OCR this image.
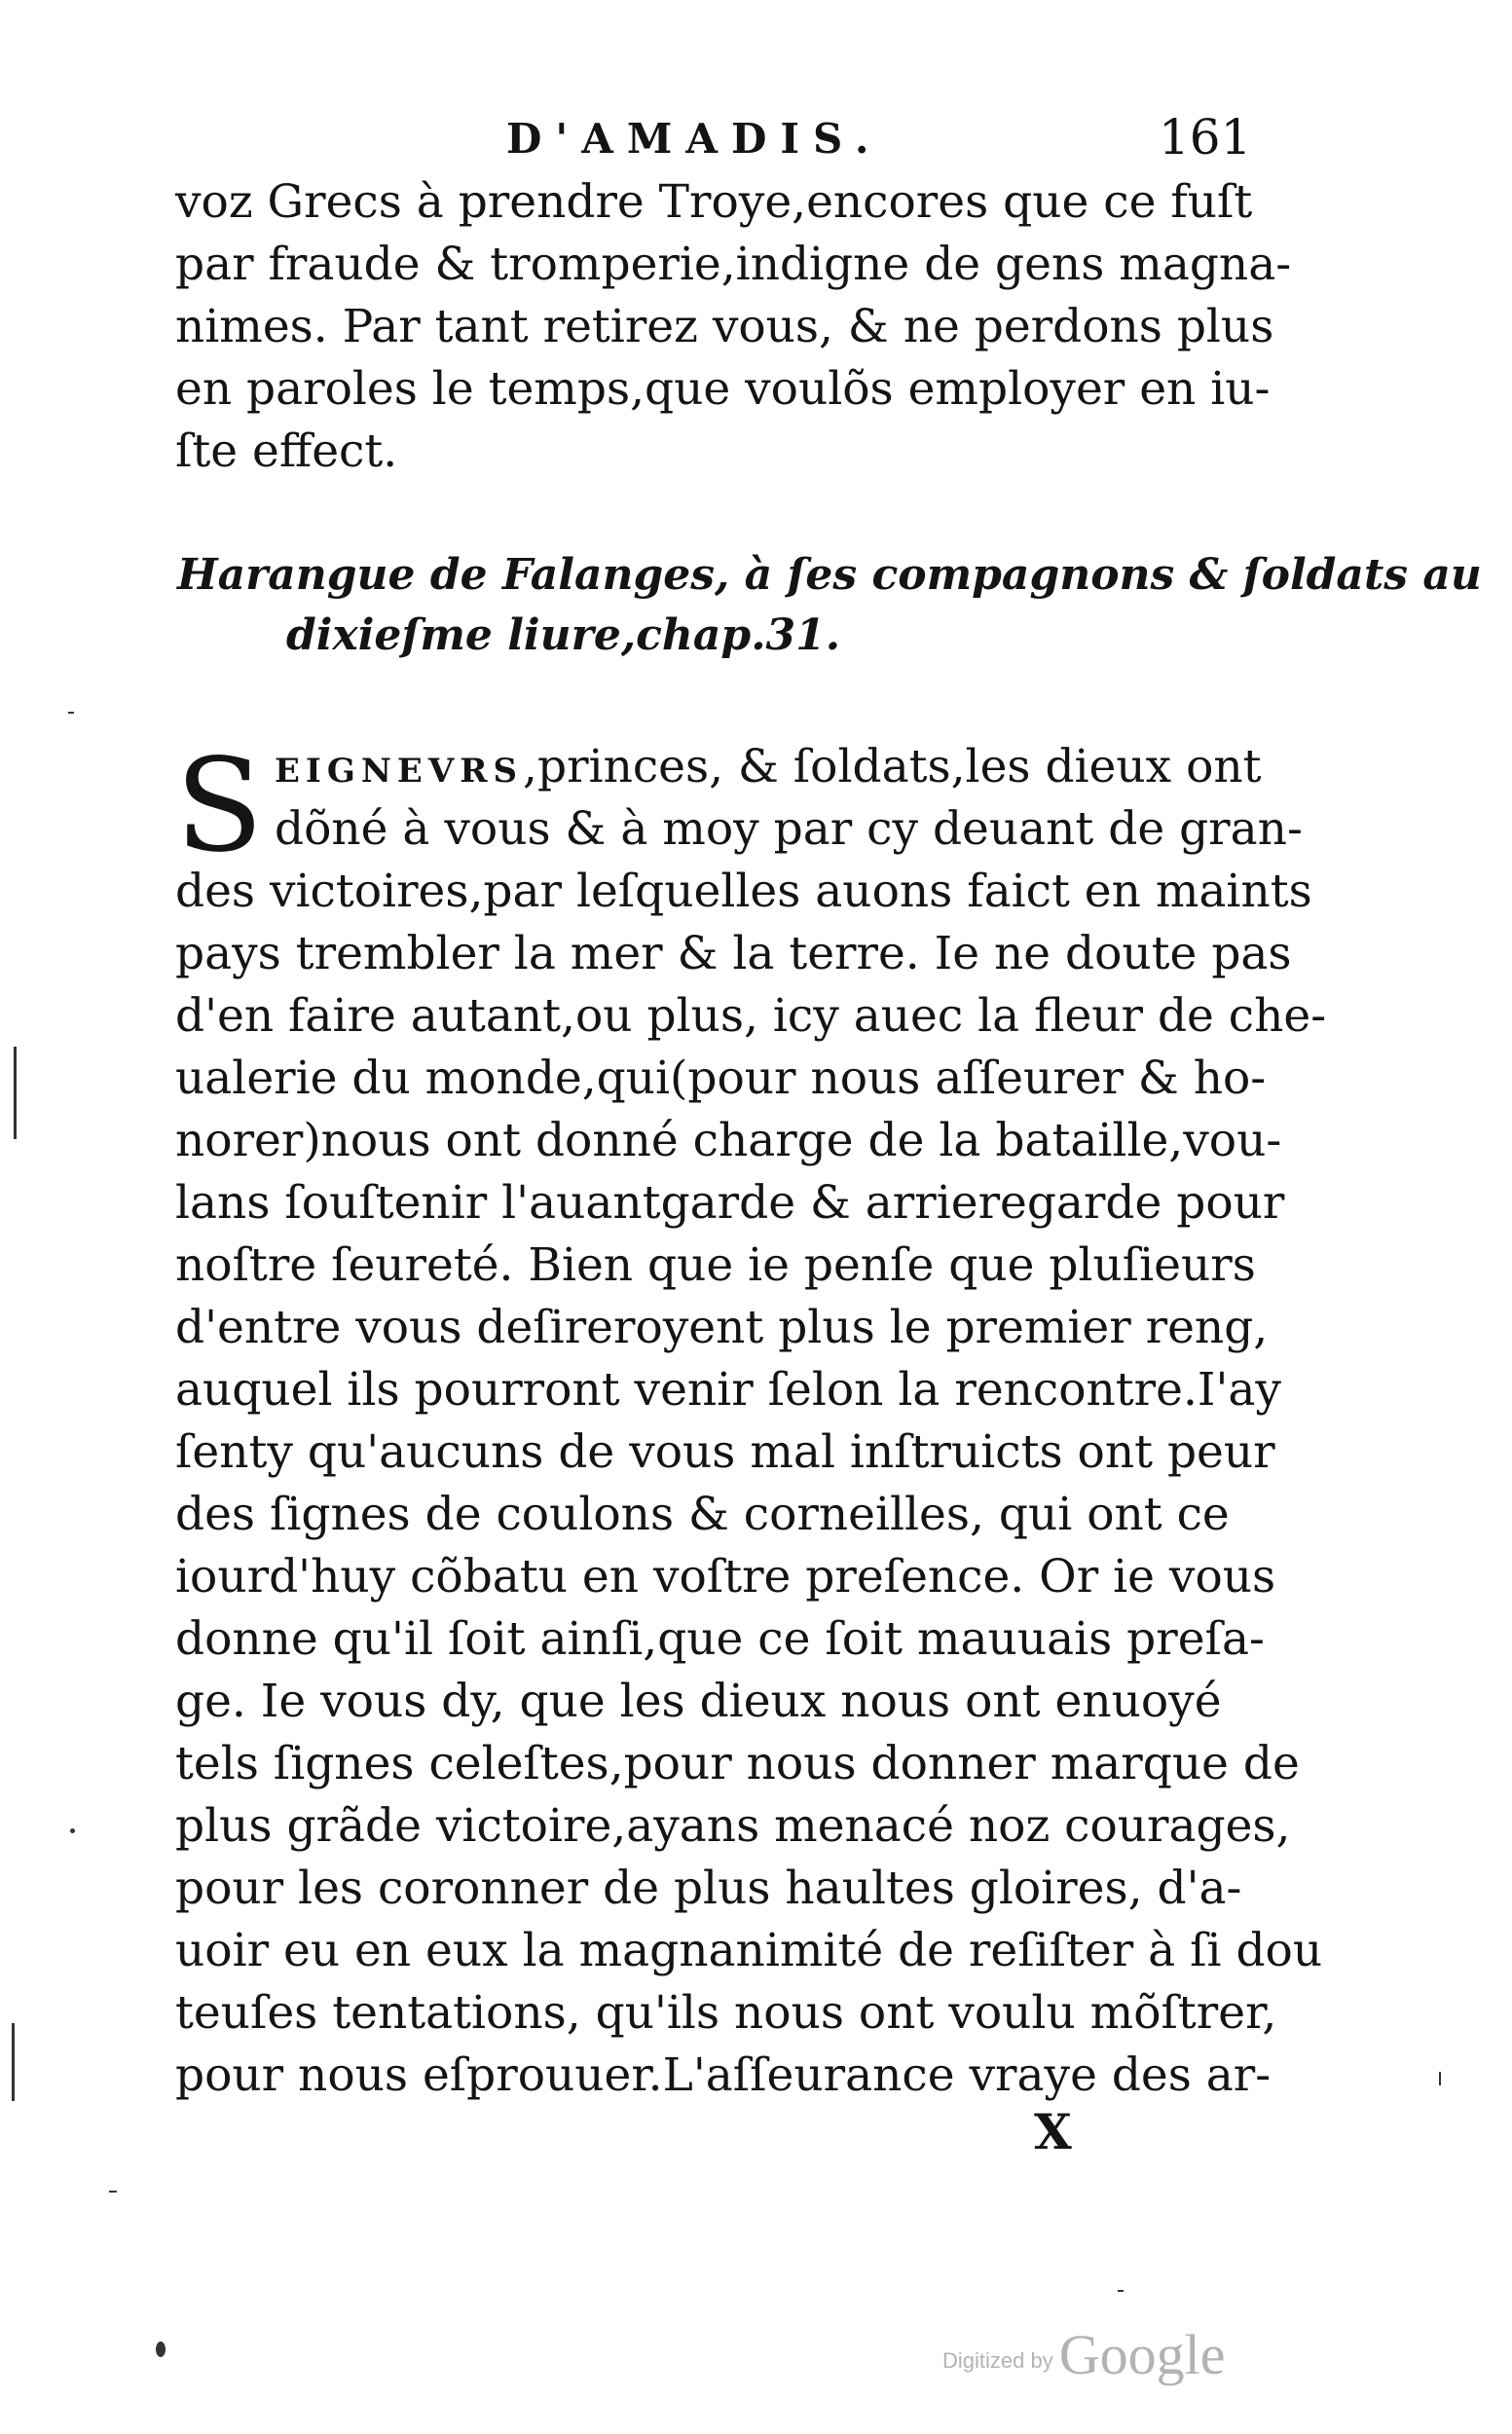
D'AMADIS.	161
voz Grecs à prendre Troye,encores que ce fuſt
par fraude & tromperie,indigne de gens magna-
nimes. Par tant retirez vous, & ne perdons plus
en paroles le temps,que voulõs employer en iu-
ſte effect.
Harangue de Falanges, à ſes compagnons & ſoldats au
dixieſme liure,chap.31.
S EIGNEVRS,princes, & ſoldats,les dieux ont
dõné à vous & à moy par cy deuant de gran-
des victoires,par leſquelles auons faict en maints
pays trembler la mer & la terre. Ie ne doute pas
d'en faire autant,ou plus, icy auec la fleur de che-
ualerie du monde,qui(pour nous aſſeurer & ho-
norer)nous ont donné charge de la bataille,vou-
lans ſouſtenir l'auantgarde & arrieregarde pour
noſtre ſeureté. Bien que ie penſe que pluſieurs
d'entre vous deſireroyent plus le premier reng,
auquel ils pourront venir ſelon la rencontre.I'ay
ſenty qu'aucuns de vous mal inſtruicts ont peur
des ſignes de coulons & corneilles, qui ont ce
iourd'huy cõbatu en voſtre preſence. Or ie vous
donne qu'il ſoit ainſi,que ce ſoit mauuais preſa-
ge. Ie vous dy, que les dieux nous ont enuoyé
tels ſignes celeſtes,pour nous donner marque de
plus grãde victoire,ayans menacé noz courages,
pour les coronner de plus haultes gloires, d'a-
uoir eu en eux la magnanimité de reſiſter à ſi dou
teuſes tentations, qu'ils nous ont voulu mõſtrer,
pour nous eſprouuer.L'aſſeurance vraye des ar-
X
Digitized by Google
